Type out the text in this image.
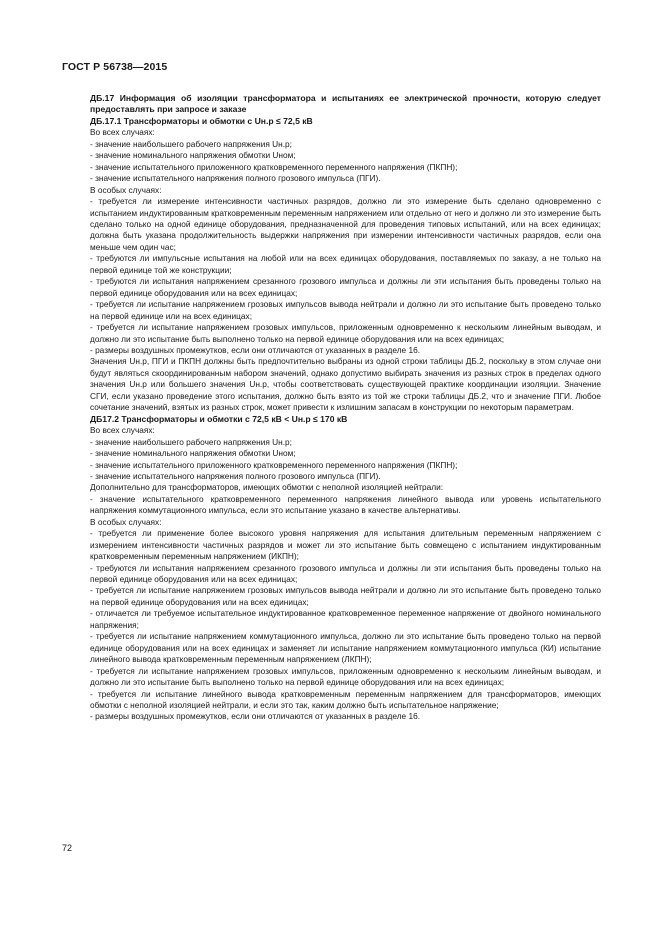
ГОСТ Р 56738—2015

ДБ.17 Информация об изоляции трансформатора и испытаниях ее электрической прочности, которую следует предоставлять при запросе и заказе

ДБ.17.1 Трансформаторы и обмотки с Uн.р ≤ 72,5 кВ

Во всех случаях:

- значение наибольшего рабочего напряжения Uн.р;

- значение номинального напряжения обмотки Uном;

- значение испытательного приложенного кратковременного переменного напряжения (ПКПН);

- значение испытательного напряжения полного грозового импульса (ПГИ).

В особых случаях:

- требуется ли измерение интенсивности частичных разрядов, должно ли это измерение быть сделано одновременно с испытанием индуктированным кратковременным переменным напряжением или отдельно от него и должно ли это измерение быть сделано только на одной единице оборудования, предназначенной для проведения типовых испытаний, или на всех единицах; должна быть указана продолжительность выдержки напряжения при измерении интенсивности частичных разрядов, если она меньше чем один час;

- требуются ли импульсные испытания на любой или на всех единицах оборудования, поставляемых по заказу, а не только на первой единице той же конструкции;

- требуются ли испытания напряжением срезанного грозового импульса и должны ли эти испытания быть проведены только на первой единице оборудования или на всех единицах;

- требуется ли испытание напряжением грозовых импульсов вывода нейтрали и должно ли это испытание быть проведено только на первой единице или на всех единицах;

- требуется ли испытание напряжением грозовых импульсов, приложенным одновременно к нескольким линейным выводам, и должно ли это испытание быть выполнено только на первой единице оборудования или на всех единицах;

- размеры воздушных промежутков, если они отличаются от указанных в разделе 16.

Значения Uн.р, ПГИ и ПКПН должны быть предпочтительно выбраны из одной строки таблицы ДБ.2, поскольку в этом случае они будут являться скоординированным набором значений, однако допустимо выбирать значения из разных строк в пределах одного значения Uн.р или большего значения Uн.р, чтобы соответствовать существующей практике координации изоляции. Значение СГИ, если указано проведение этого испытания, должно быть взято из той же строки таблицы ДБ.2, что и значение ПГИ. Любое сочетание значений, взятых из разных строк, может привести к излишним запасам в конструкции по некоторым параметрам.

ДБ17.2 Трансформаторы и обмотки с 72,5 кВ < Uн.р ≤ 170 кВ

Во всех случаях:

- значение наибольшего рабочего напряжения Uн.р;

- значение номинального напряжения обмотки Uном;

- значение испытательного приложенного кратковременного переменного напряжения (ПКПН);

- значение испытательного напряжения полного грозового импульса (ПГИ).

Дополнительно для трансформаторов, имеющих обмотки с неполной изоляцией нейтрали:

- значение испытательного кратковременного переменного напряжения линейного вывода или уровень испытательного напряжения коммутационного импульса, если это испытание указано в качестве альтернативы.

В особых случаях:

- требуется ли применение более высокого уровня напряжения для испытания длительным переменным напряжением с измерением интенсивности частичных разрядов и может ли это испытание быть совмещено с испытанием индуктированным кратковременным переменным напряжением (ИКПН);

- требуются ли испытания напряжением срезанного грозового импульса и должны ли эти испытания быть проведены только на первой единице оборудования или на всех единицах;

- требуется ли испытание напряжением грозовых импульсов вывода нейтрали и должно ли это испытание быть проведено только на первой единице оборудования или на всех единицах;

- отличается ли требуемое испытательное индуктированное кратковременное переменное напряжение от двойного номинального напряжения;

- требуется ли испытание напряжением коммутационного импульса, должно ли это испытание быть проведено только на первой единице оборудования или на всех единицах и заменяет ли испытание напряжением коммутационного импульса (КИ) испытание линейного вывода кратковременным переменным напряжением (ЛКПН);

- требуется ли испытание напряжением грозовых импульсов, приложенным одновременно к нескольким линейным выводам, и должно ли это испытание быть выполнено только на первой единице оборудования или на всех единицах;

- требуется ли испытание линейного вывода кратковременным переменным напряжением для трансформаторов, имеющих обмотки с неполной изоляцией нейтрали, и если это так, каким должно быть испытательное напряжение;

- размеры воздушных промежутков, если они отличаются от указанных в разделе 16.

72
